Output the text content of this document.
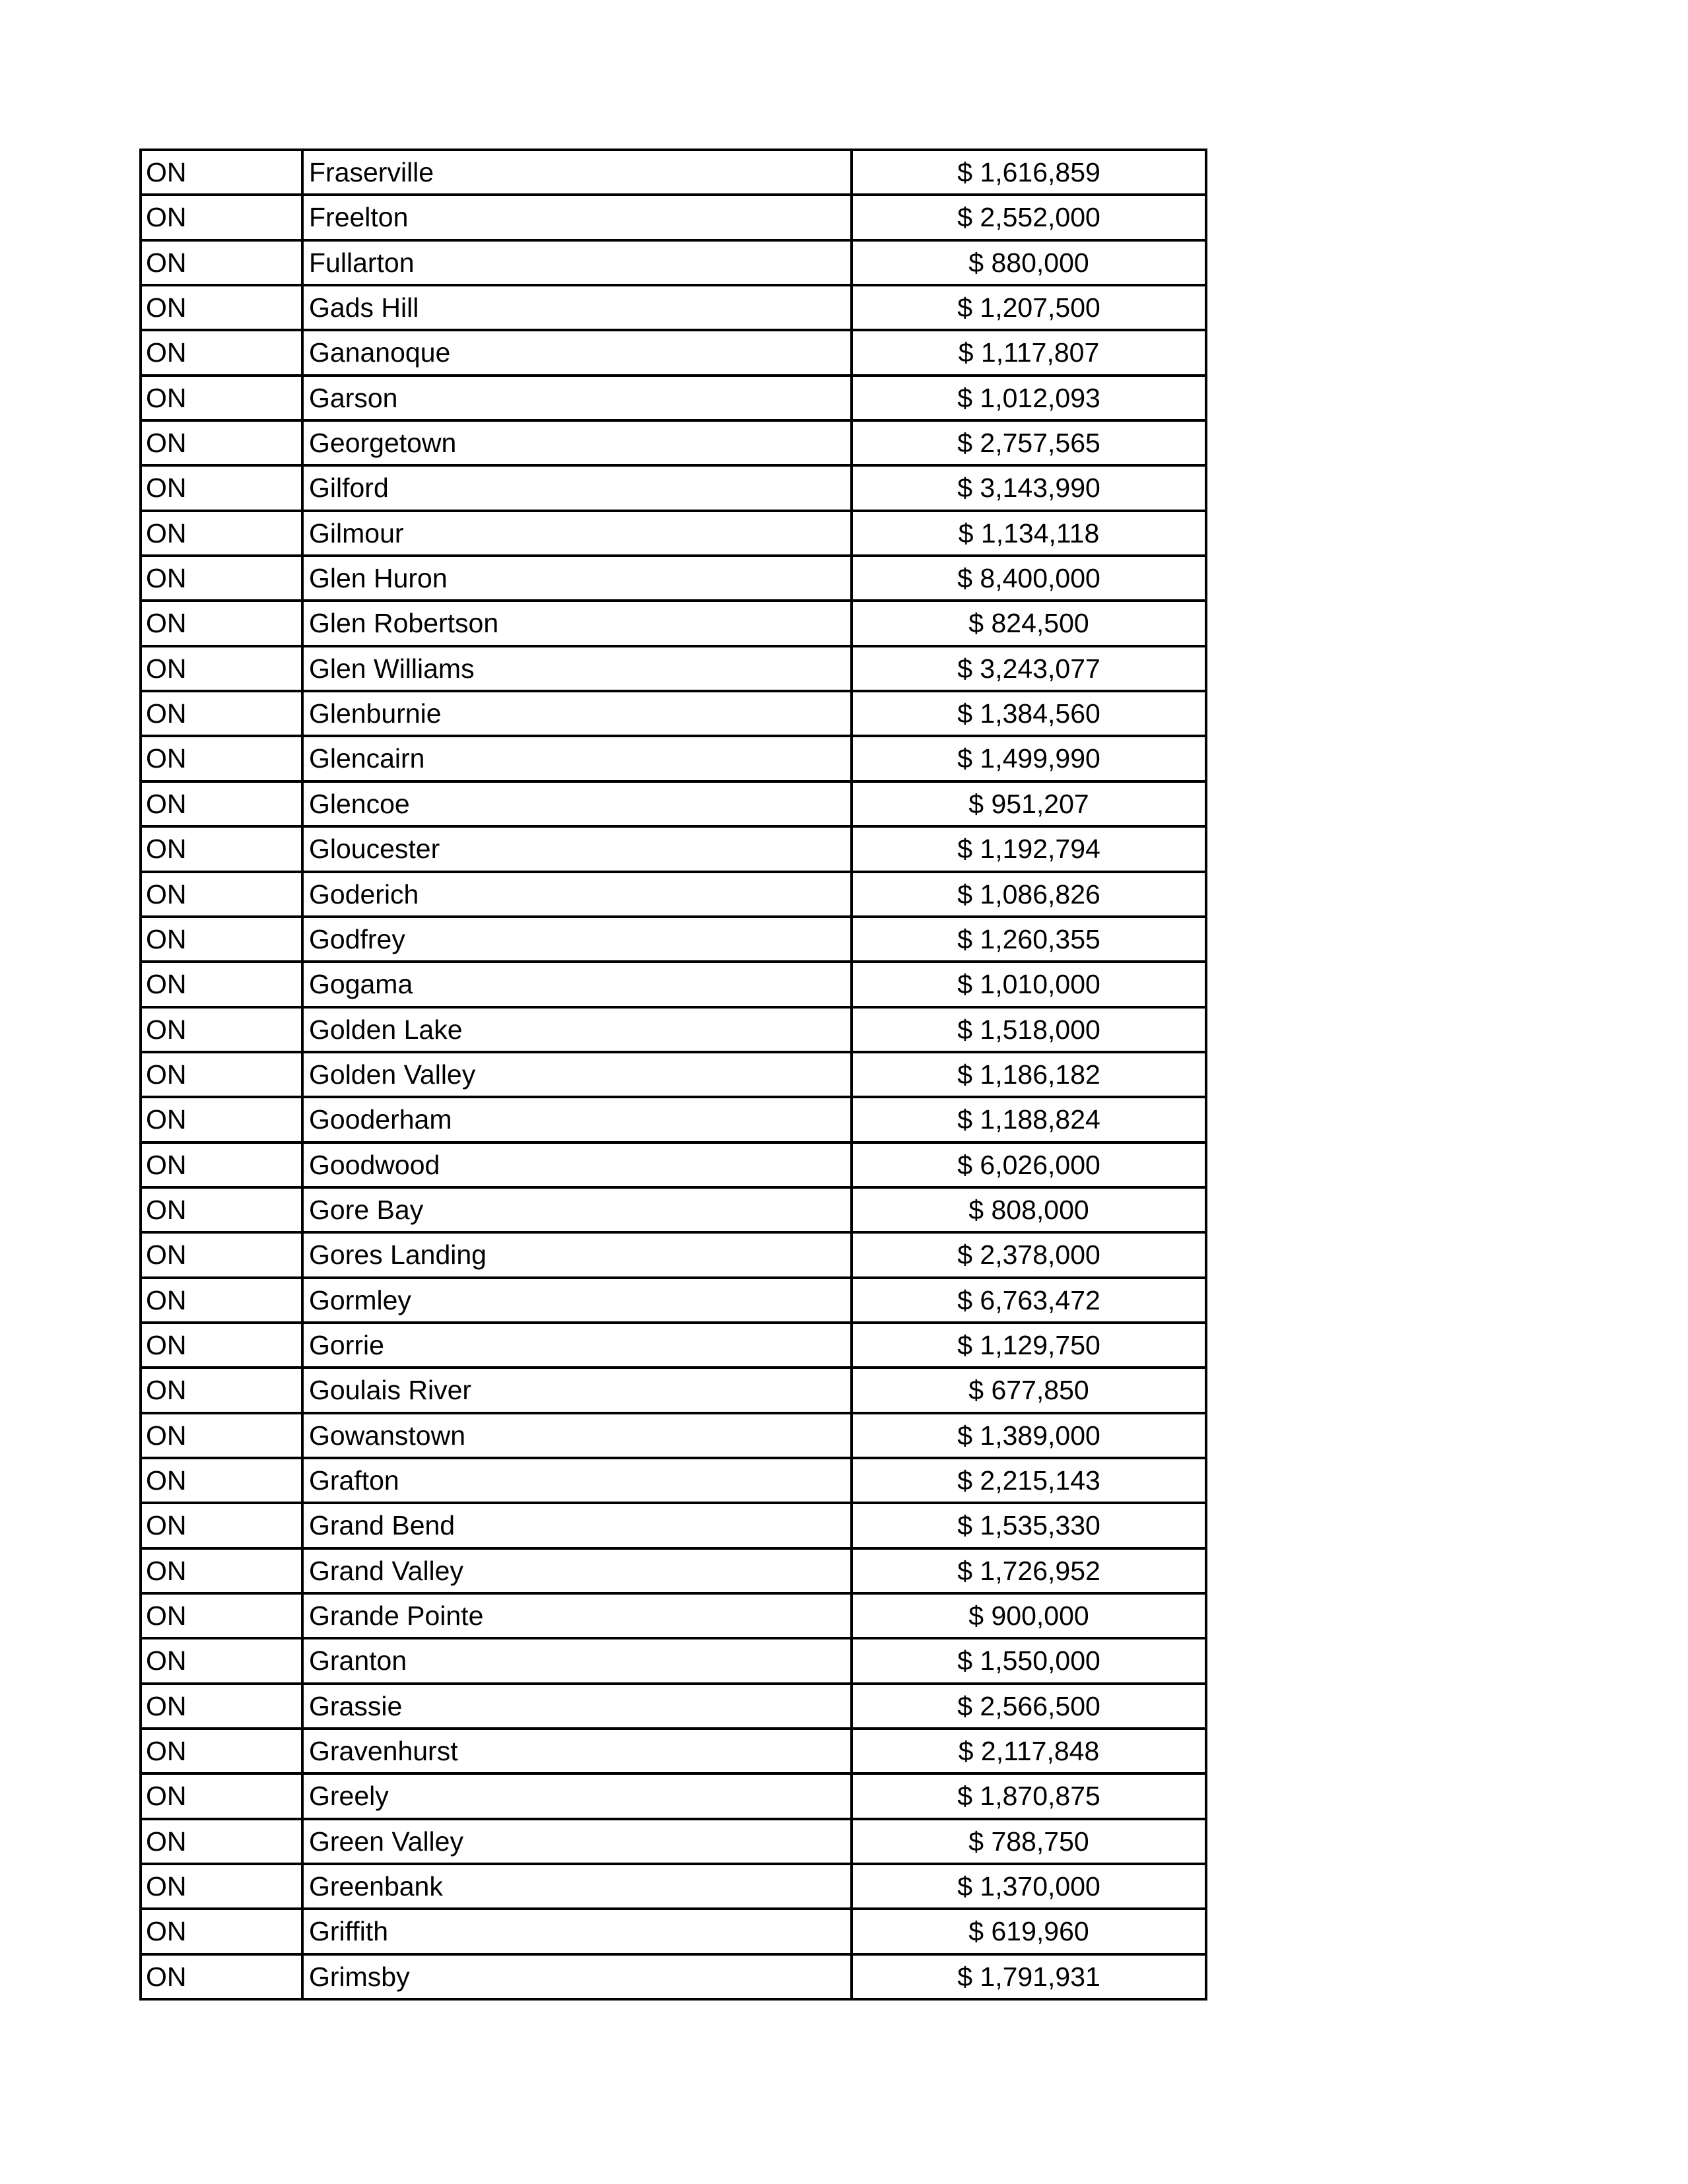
ON	Fraserville	$ 1,616,859
ON	Freelton	$ 2,552,000
ON	Fullarton	$ 880,000
ON	Gads Hill	$ 1,207,500
ON	Gananoque	$ 1,117,807
ON	Garson	$ 1,012,093
ON	Georgetown	$ 2,757,565
ON	Gilford	$ 3,143,990
ON	Gilmour	$ 1,134,118
ON	Glen Huron	$ 8,400,000
ON	Glen Robertson	$ 824,500
ON	Glen Williams	$ 3,243,077
ON	Glenburnie	$ 1,384,560
ON	Glencairn	$ 1,499,990
ON	Glencoe	$ 951,207
ON	Gloucester	$ 1,192,794
ON	Goderich	$ 1,086,826
ON	Godfrey	$ 1,260,355
ON	Gogama	$ 1,010,000
ON	Golden Lake	$ 1,518,000
ON	Golden Valley	$ 1,186,182
ON	Gooderham	$ 1,188,824
ON	Goodwood	$ 6,026,000
ON	Gore Bay	$ 808,000
ON	Gores Landing	$ 2,378,000
ON	Gormley	$ 6,763,472
ON	Gorrie	$ 1,129,750
ON	Goulais River	$ 677,850
ON	Gowanstown	$ 1,389,000
ON	Grafton	$ 2,215,143
ON	Grand Bend	$ 1,535,330
ON	Grand Valley	$ 1,726,952
ON	Grande Pointe	$ 900,000
ON	Granton	$ 1,550,000
ON	Grassie	$ 2,566,500
ON	Gravenhurst	$ 2,117,848
ON	Greely	$ 1,870,875
ON	Green Valley	$ 788,750
ON	Greenbank	$ 1,370,000
ON	Griffith	$ 619,960
ON	Grimsby	$ 1,791,931
